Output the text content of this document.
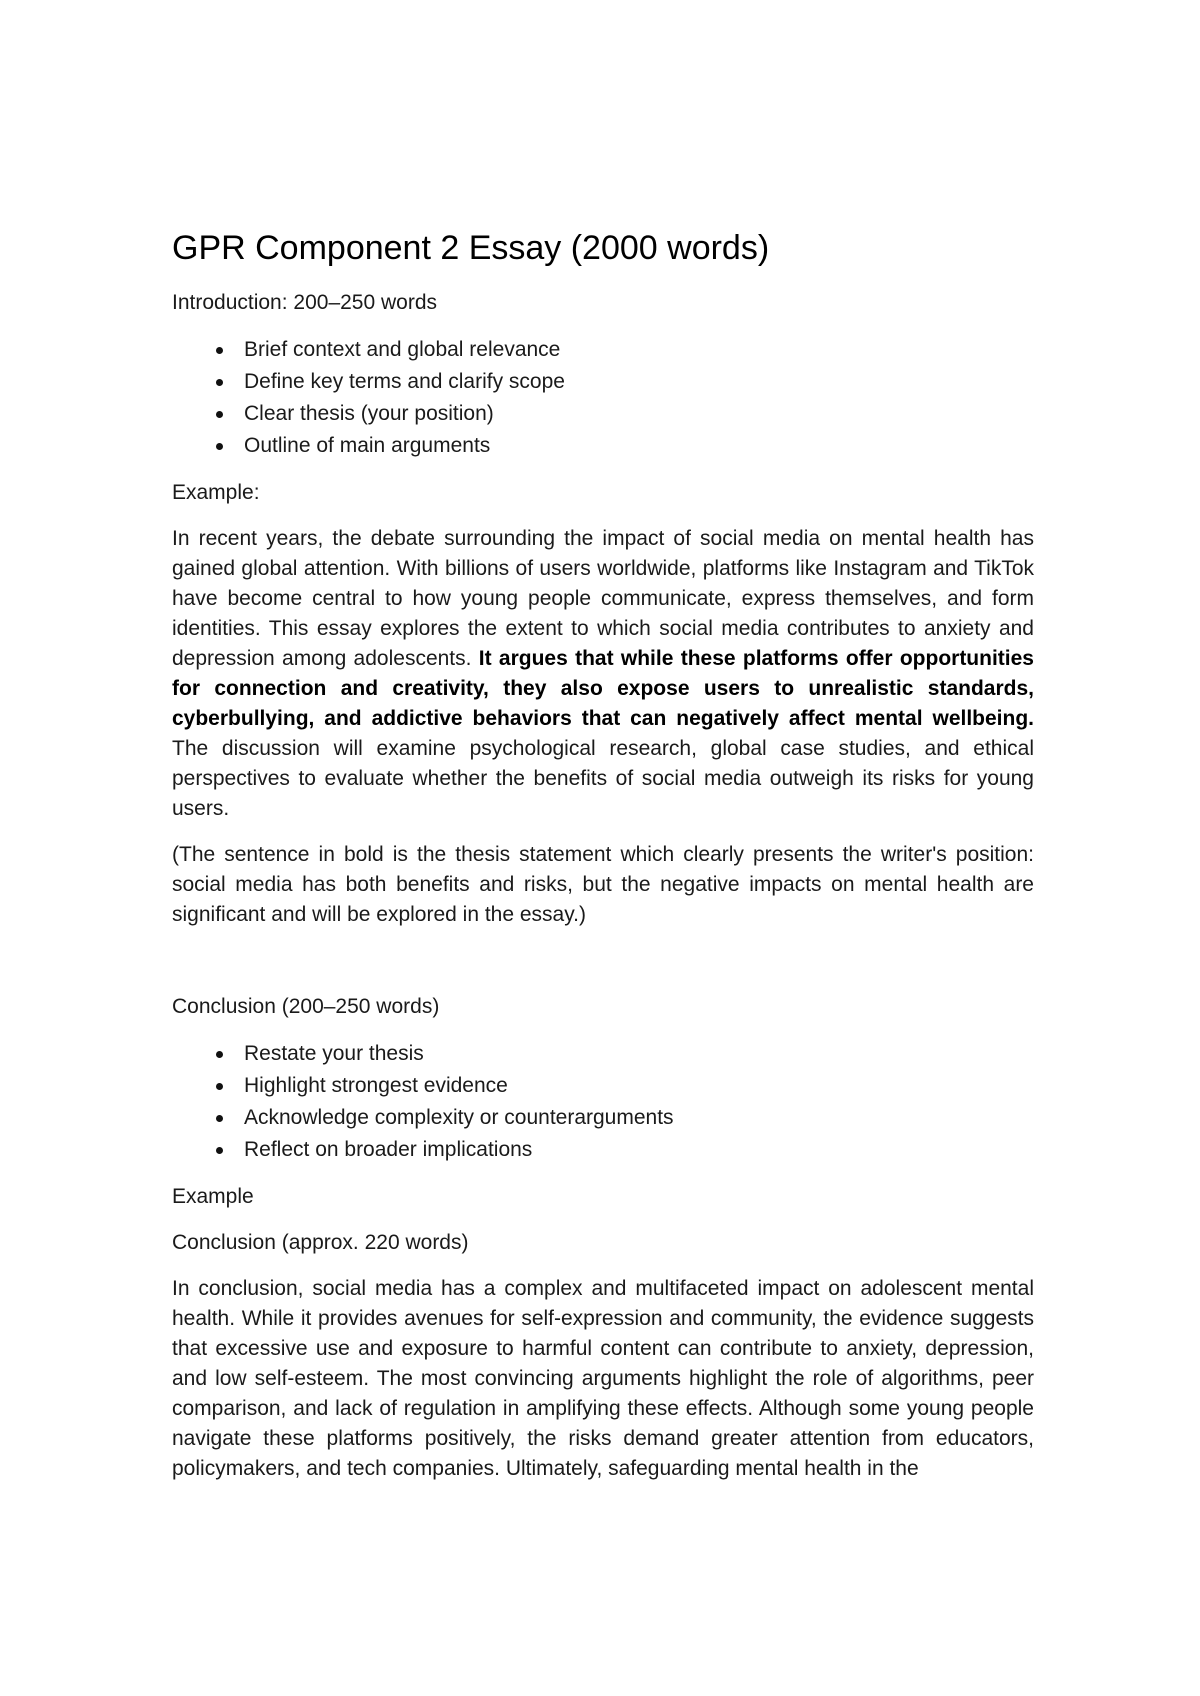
GPR Component 2 Essay (2000 words)

Introduction: 200–250 words

Brief context and global relevance
Define key terms and clarify scope
Clear thesis (your position)
Outline of main arguments

Example:

In recent years, the debate surrounding the impact of social media on mental health has gained global attention. With billions of users worldwide, platforms like Instagram and TikTok have become central to how young people communicate, express themselves, and form identities. This essay explores the extent to which social media contributes to anxiety and depression among adolescents. It argues that while these platforms offer opportunities for connection and creativity, they also expose users to unrealistic standards, cyberbullying, and addictive behaviors that can negatively affect mental wellbeing. The discussion will examine psychological research, global case studies, and ethical perspectives to evaluate whether the benefits of social media outweigh its risks for young users.

(The sentence in bold is the thesis statement which clearly presents the writer's position: social media has both benefits and risks, but the negative impacts on mental health are significant and will be explored in the essay.)

Conclusion (200–250 words)

Restate your thesis
Highlight strongest evidence
Acknowledge complexity or counterarguments
Reflect on broader implications

Example

Conclusion (approx. 220 words)

In conclusion, social media has a complex and multifaceted impact on adolescent mental health. While it provides avenues for self-expression and community, the evidence suggests that excessive use and exposure to harmful content can contribute to anxiety, depression, and low self-esteem. The most convincing arguments highlight the role of algorithms, peer comparison, and lack of regulation in amplifying these effects. Although some young people navigate these platforms positively, the risks demand greater attention from educators, policymakers, and tech companies. Ultimately, safeguarding mental health in the
